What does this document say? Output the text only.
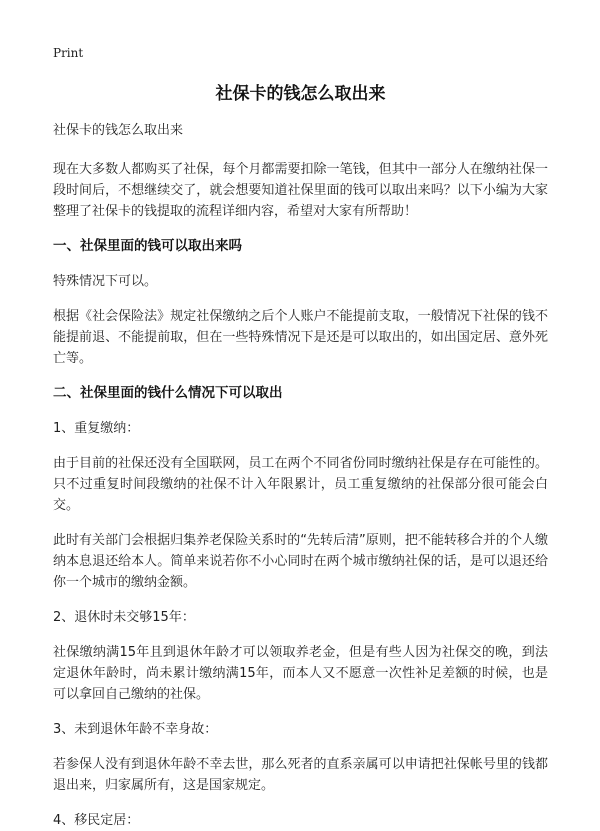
Print
社保卡的钱怎么取出来

社保卡的钱怎么取出来

现在大多数人都购买了社保，每个月都需要扣除一笔钱，但其中一部分人在缴纳社保一段时间后，不想继续交了，就会想要知道社保里面的钱可以取出来吗？以下小编为大家整理了社保卡的钱提取的流程详细内容，希望对大家有所帮助！

一、社保里面的钱可以取出来吗

特殊情况下可以。

根据《社会保险法》规定社保缴纳之后个人账户不能提前支取，一般情况下社保的钱不能提前退、不能提前取，但在一些特殊情况下是还是可以取出的，如出国定居、意外死亡等。

二、社保里面的钱什么情况下可以取出

1、重复缴纳：

由于目前的社保还没有全国联网，员工在两个不同省份同时缴纳社保是存在可能性的。只不过重复时间段缴纳的社保不计入年限累计，员工重复缴纳的社保部分很可能会白交。

此时有关部门会根据归集养老保险关系时的“先转后清”原则，把不能转移合并的个人缴纳本息退还给本人。简单来说若你不小心同时在两个城市缴纳社保的话，是可以退还给你一个城市的缴纳金额。

2、退休时未交够15年：

社保缴纳满15年且到退休年龄才可以领取养老金，但是有些人因为社保交的晚，到法定退休年龄时，尚未累计缴纳满15年，而本人又不愿意一次性补足差额的时候，也是可以拿回自己缴纳的社保。

3、未到退休年龄不幸身故：

若参保人没有到退休年龄不幸去世，那么死者的直系亲属可以申请把社保帐号里的钱都退出来，归家属所有，这是国家规定。

4、移民定居：
